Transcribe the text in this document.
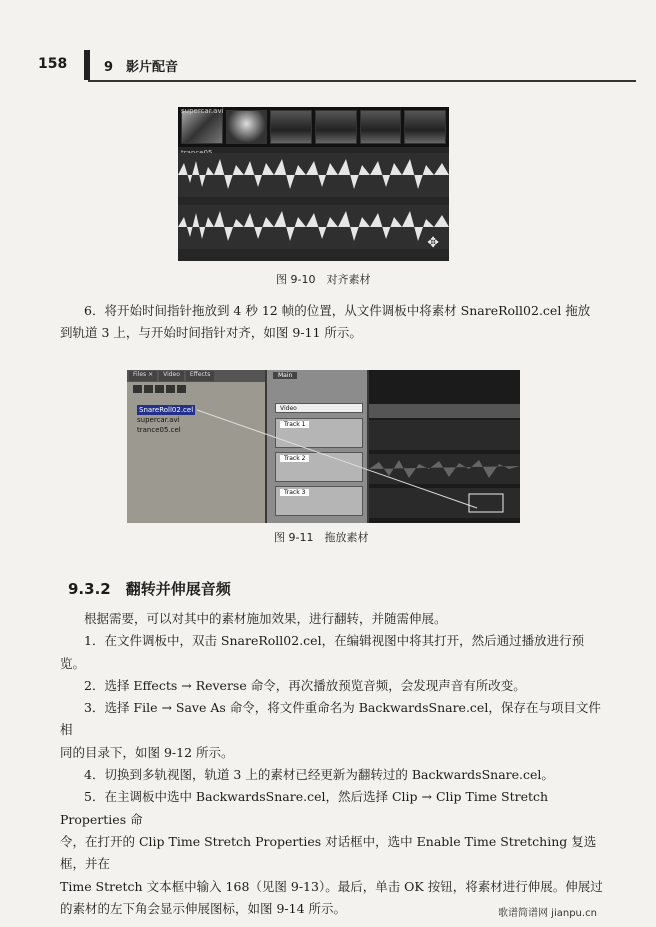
158	9　影片配音
supercar.avi
✥
图 9-10　对齐素材
6．将开始时间指针拖放到 4 秒 12 帧的位置，从文件调板中将素材 SnareRoll02.cel 拖放到轨道 3 上，与开始时间指针对齐，如图 9-11 所示。
Files ×	Video	Effects
SnareRoll02.cel
supercar.avi
trance05.cel
Main
Video
Track 1
Track 2
Track 3
图 9-11　拖放素材
9.3.2　翻转并伸展音频
根据需要，可以对其中的素材施加效果，进行翻转，并随需伸展。
1．在文件调板中，双击 SnareRoll02.cel，在编辑视图中将其打开，然后通过播放进行预览。
2．选择 Effects → Reverse 命令，再次播放预览音频，会发现声音有所改变。
3．选择 File → Save As 命令，将文件重命名为 BackwardsSnare.cel，保存在与项目文件相
同的目录下，如图 9-12 所示。
4．切换到多轨视图，轨道 3 上的素材已经更新为翻转过的 BackwardsSnare.cel。
5．在主调板中选中 BackwardsSnare.cel，然后选择 Clip → Clip Time Stretch Properties 命
令，在打开的 Clip Time Stretch Properties 对话框中，选中 Enable Time Stretching 复选框，并在
Time Stretch 文本框中输入 168（见图 9-13）。最后，单击 OK 按钮，将素材进行伸展。伸展过
的素材的左下角会显示伸展图标，如图 9-14 所示。	歌谱简谱网 jianpu.cn
